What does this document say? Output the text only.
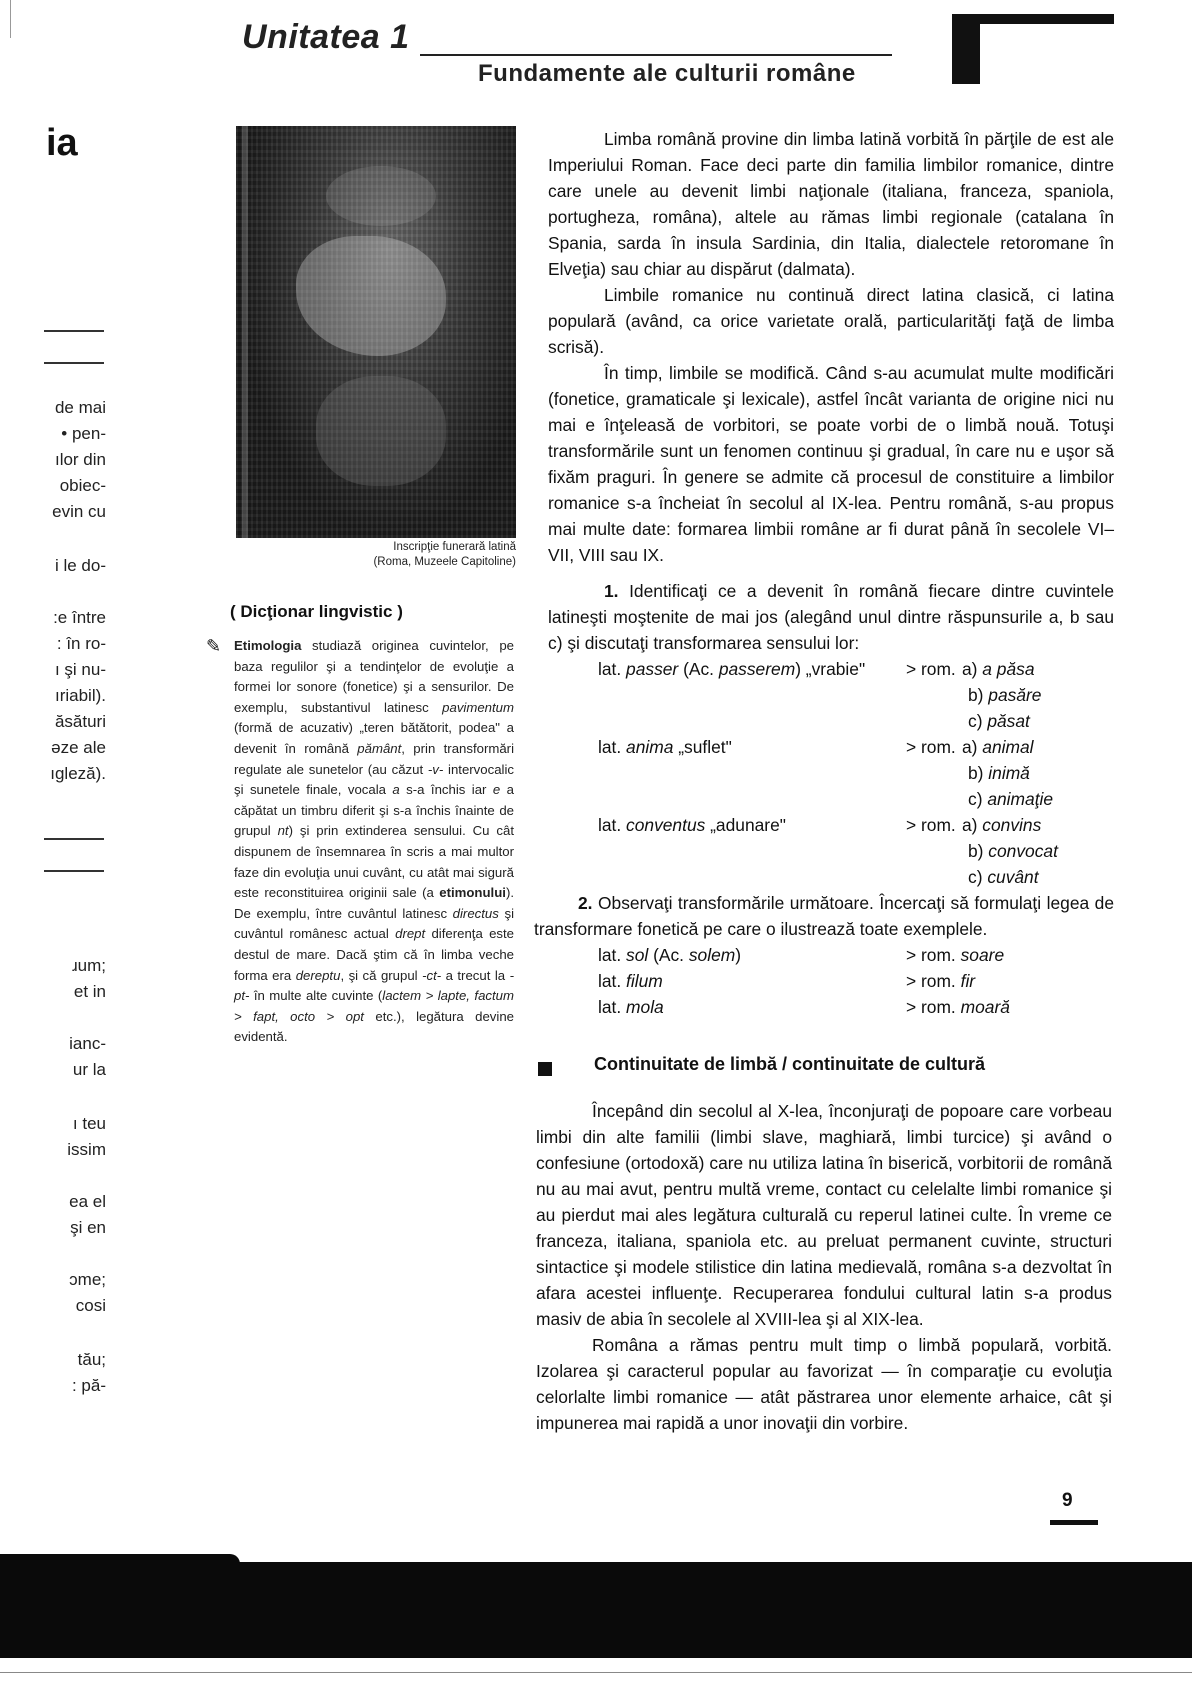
Unitatea 1
Fundamente ale culturii române
ia
de mai
• pen-
ılor din
obiec-
evin cu
i le do-
:e între
: în ro-
ı şi nu-
ıriabil).
ăsături
əze ale
ıgleză).
ɹum;
et in
ianc-
ur la
ı teu
issim
ea el
şi en
ɔme;
cosi
tău;
: pă-
Inscripţie funerară latină
(Roma, Muzeele Capitoline)
( Dicţionar lingvistic )
✎ Etimologia studiază originea cuvintelor, pe baza regulilor şi a tendinţelor de evoluţie a formei lor sonore (fonetice) şi a sensurilor. De exemplu, substantivul latinesc pavimentum (formă de acuzativ) „teren bătătorit, podea" a devenit în română pământ, prin transformări regulate ale sunetelor (au căzut -v- intervocalic şi sunetele finale, vocala a s-a închis iar e a căpătat un timbru diferit şi s-a închis înainte de grupul nt) şi prin extinderea sensului. Cu cât dispunem de însemnarea în scris a mai multor faze din evoluţia unui cuvânt, cu atât mai sigură este reconstituirea originii sale (a etimonului). De exemplu, între cuvântul latinesc directus şi cuvântul românesc actual drept diferenţa este destul de mare. Dacă ştim că în limba veche forma era dereptu, şi că grupul -ct- a trecut la -pt- în multe alte cuvinte (lactem > lapte, factum > fapt, octo > opt etc.), legătura devine evidentă.

Limba română provine din limba latină vorbită în părţile de est ale Imperiului Roman. Face deci parte din familia limbilor romanice, dintre care unele au devenit limbi naţionale (italiana, franceza, spaniola, portugheza, româna), altele au rămas limbi regionale (catalana în Spania, sarda în insula Sardinia, din Italia, dialectele retoromane în Elveţia) sau chiar au dispărut (dalmata).

Limbile romanice nu continuă direct latina clasică, ci latina populară (având, ca orice varietate orală, particularităţi faţă de limba scrisă).

În timp, limbile se modifică. Când s-au acumulat multe modificări (fonetice, gramaticale şi lexicale), astfel încât varianta de origine nici nu mai e înţeleasă de vorbitori, se poate vorbi de o limbă nouă. Totuşi transformările sunt un fenomen continuu şi gradual, în care nu e uşor să fixăm praguri. În genere se admite că procesul de constituire a limbilor romanice s-a încheiat în secolul al IX-lea. Pentru română, s-au propus mai multe date: formarea limbii române ar fi durat până în secolele VI–VII, VIII sau IX.

1. Identificaţi ce a devenit în română fiecare dintre cuvintele latineşti moştenite de mai jos (alegând unul dintre răspunsurile a, b sau c) şi discutaţi transformarea sensului lor:

lat. passer (Ac. passerem) „vrabie" > rom. a) a păsa
b) pasăre
c) păsat
lat. anima „suflet"	> rom. a) animal
b) inimă
c) animaţie
lat. conventus „adunare"	> rom. a) convins
b) convocat
c) cuvânt

2. Observaţi transformările următoare. Încercaţi să formulaţi legea de transformare fonetică pe care o ilustrează toate exemplele.

lat. sol (Ac. solem)	> rom. soare
lat. filum	> rom. fir
lat. mola	> rom. moară
Continuitate de limbă / continuitate de cultură

Începând din secolul al X-lea, înconjuraţi de popoare care vorbeau limbi din alte familii (limbi slave, maghiară, limbi turcice) şi având o confesiune (ortodoxă) care nu utiliza latina în biserică, vorbitorii de română nu au mai avut, pentru multă vreme, contact cu celelalte limbi romanice şi au pierdut mai ales legătura culturală cu reperul latinei culte. În vreme ce franceza, italiana, spaniola etc. au preluat permanent cuvinte, structuri sintactice şi modele stilistice din latina medievală, româna s-a dezvoltat în afara acestei influenţe. Recuperarea fondului cultural latin s-a produs masiv de abia în secolele al XVIII-lea şi al XIX-lea.

Româna a rămas pentru mult timp o limbă populară, vorbită. Izolarea şi caracterul popular au favorizat — în comparaţie cu evoluţia celorlalte limbi romanice — atât păstrarea unor elemente arhaice, cât şi impunerea mai rapidă a unor inovaţii din vorbire.

9
